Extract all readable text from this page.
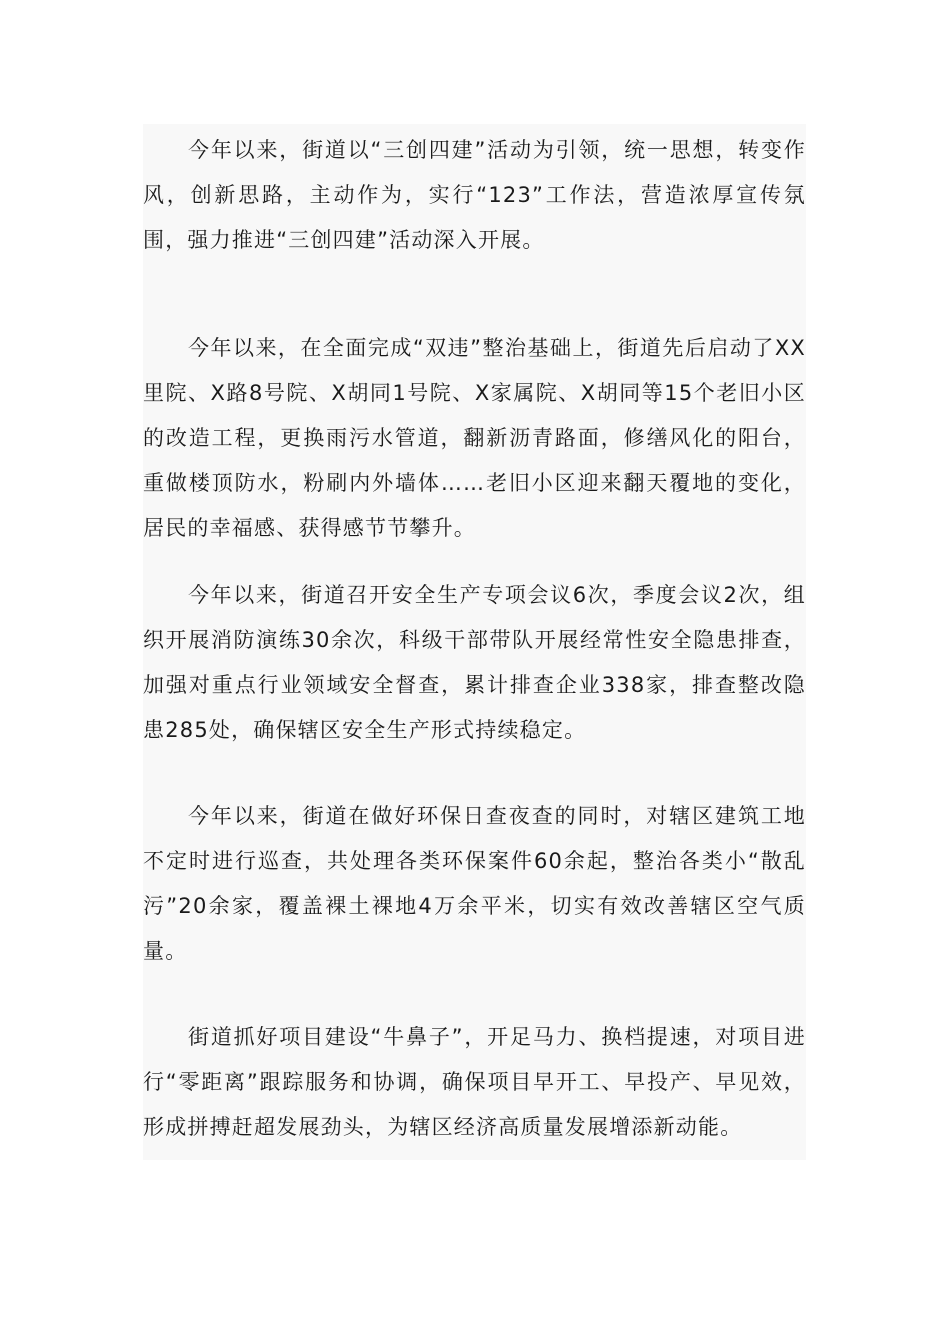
今年以来，街道以“三创四建”活动为引领，统一思想，转变作风，创新思路，主动作为，实行“123”工作法，营造浓厚宣传氛围，强力推进“三创四建”活动深入开展。

今年以来，在全面完成“双违”整治基础上，街道先后启动了XX里院、X路8号院、X胡同1号院、X家属院、X胡同等15个老旧小区的改造工程，更换雨污水管道，翻新沥青路面，修缮风化的阳台，重做楼顶防水，粉刷内外墙体……老旧小区迎来翻天覆地的变化，居民的幸福感、获得感节节攀升。

今年以来，街道召开安全生产专项会议6次，季度会议2次，组织开展消防演练30余次，科级干部带队开展经常性安全隐患排查，加强对重点行业领域安全督查，累计排查企业338家，排查整改隐患285处，确保辖区安全生产形式持续稳定。

今年以来，街道在做好环保日查夜查的同时，对辖区建筑工地不定时进行巡查，共处理各类环保案件60余起，整治各类小“散乱污”20余家，覆盖裸土裸地4万余平米，切实有效改善辖区空气质量。

街道抓好项目建设“牛鼻子”，开足马力、换档提速，对项目进行“零距离”跟踪服务和协调，确保项目早开工、早投产、早见效，形成拼搏赶超发展劲头，为辖区经济高质量发展增添新动能。
